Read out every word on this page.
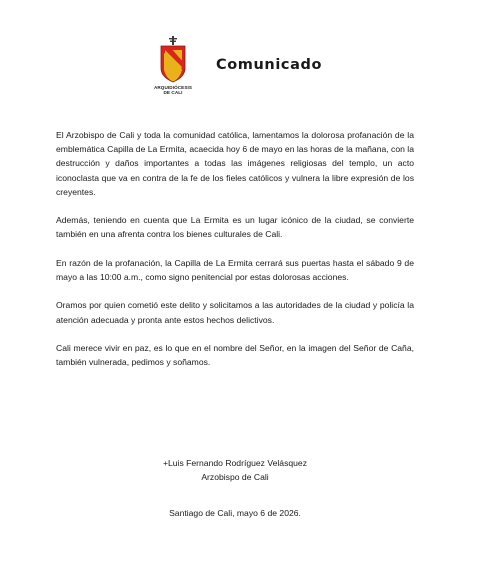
ARQUIDIÓCESIS
DE CALI
Comunicado

El Arzobispo de Cali y toda la comunidad católica, lamentamos la dolorosa profanación de la emblemática Capilla de La Ermita, acaecida hoy 6 de mayo en las horas de la mañana, con la destrucción y daños importantes a todas las imágenes religiosas del templo, un acto iconoclasta que va en contra de la fe de los fieles católicos y vulnera la libre expresión de los creyentes.

Además, teniendo en cuenta que La Ermita es un lugar icónico de la ciudad, se convierte también en una afrenta contra los bienes culturales de Cali.

En razón de la profanación, la Capilla de La Ermita cerrará sus puertas hasta el sábado 9 de mayo a las 10:00 a.m., como signo penitencial por estas dolorosas acciones.

Oramos por quien cometió este delito y solicitamos a las autoridades de la ciudad y policía la atención adecuada y pronta ante estos hechos delictivos.

Cali merece vivir en paz, es lo que en el nombre del Señor, en la imagen del Señor de Caña, también vulnerada, pedimos y soñamos.

+Luis Fernando Rodríguez Velásquez
Arzobispo de Cali
Santiago de Cali, mayo 6 de 2026.
